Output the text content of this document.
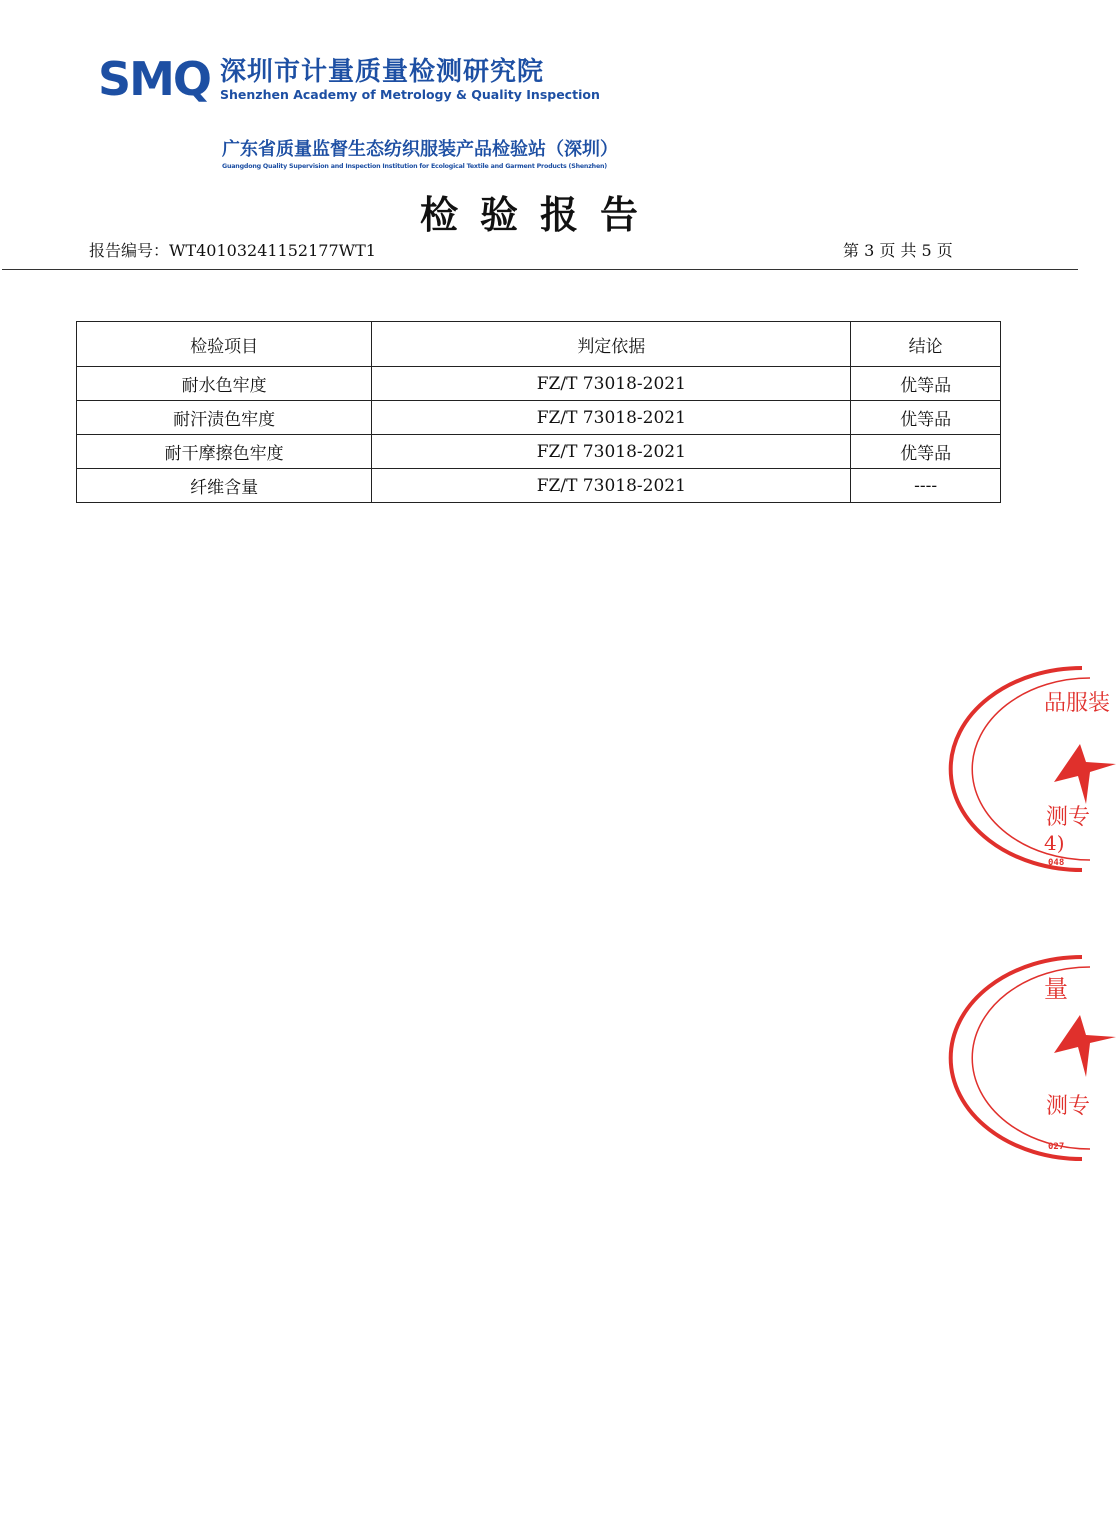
SMQ 深圳市计量质量检测研究院
Shenzhen Academy of Metrology & Quality Inspection
广东省质量监督生态纺织服装产品检验站（深圳）
Guangdong Quality Supervision and Inspection Institution for Ecological Textile and Garment Products (Shenzhen)
检验报告
报告编号：WT40103241152177WT1	第 3 页 共 5 页
检验项目	判定依据	结论
耐水色牢度	FZ/T 73018-2021	优等品
耐汗渍色牢度	FZ/T 73018-2021	优等品
耐干摩擦色牢度	FZ/T 73018-2021	优等品
纤维含量	FZ/T 73018-2021	----
品服装
测专
4)
048
量
测专
027
